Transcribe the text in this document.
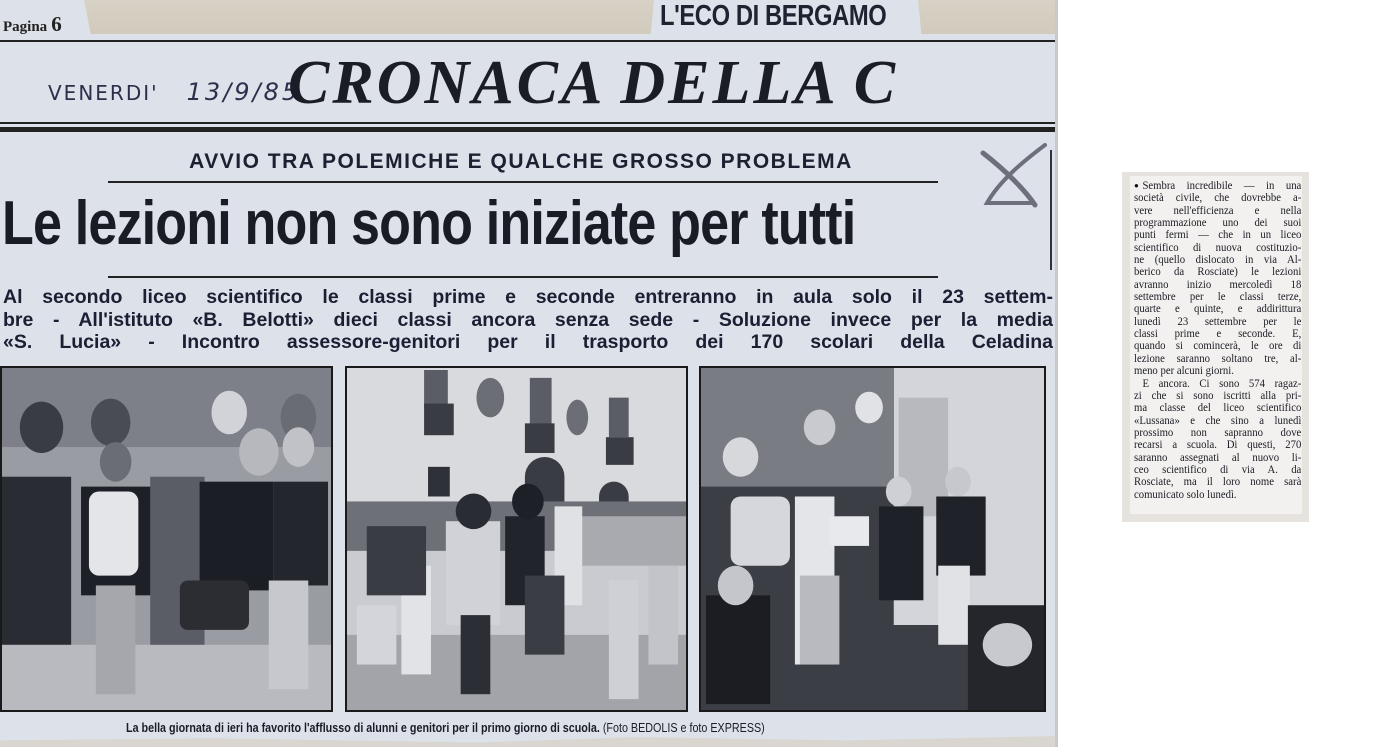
Pagina 6	L'ECO DI BERGAMO
VENERDI' 13/9/85
CRONACA DELLA C
AVVIO TRA POLEMICHE E QUALCHE GROSSO PROBLEMA
Le lezioni non sono iniziate per tutti
Al secondo liceo scientifico le classi prime e seconde entreranno in aula solo il 23 settem-
bre - All'istituto «B. Belotti» dieci classi ancora senza sede - Soluzione invece per la media
«S. Lucia» - Incontro assessore-genitori per il trasporto dei 170 scolari della Celadina
La bella giornata di ieri ha favorito l'afflusso di alunni e genitori per il primo giorno di scuola. (Foto BEDOLIS e foto EXPRESS)
● Sembra incredibile — in una
società civile, che dovrebbe a-
vere nell'efficienza e nella
programmazione uno dei suoi
punti fermi — che in un liceo
scientifico di nuova costituzio-
ne (quello dislocato in via Al-
berico da Rosciate) le lezioni
avranno inizio mercoledì 18
settembre per le classi terze,
quarte e quinte, e addirittura
lunedì 23 settembre per le
classi prime e seconde. E,
quando si comincerà, le ore di
lezione saranno soltano tre, al-
meno per alcuni giorni.
E ancora. Ci sono 574 ragaz-
zi che si sono iscritti alla pri-
ma classe del liceo scientifico
«Lussana» e che sino a lunedì
prossimo non sapranno dove
recarsi a scuola. Di questi, 270
saranno assegnati al nuovo li-
ceo scientifico di via A. da
Rosciate, ma il loro nome sarà
comunicato solo lunedì.
